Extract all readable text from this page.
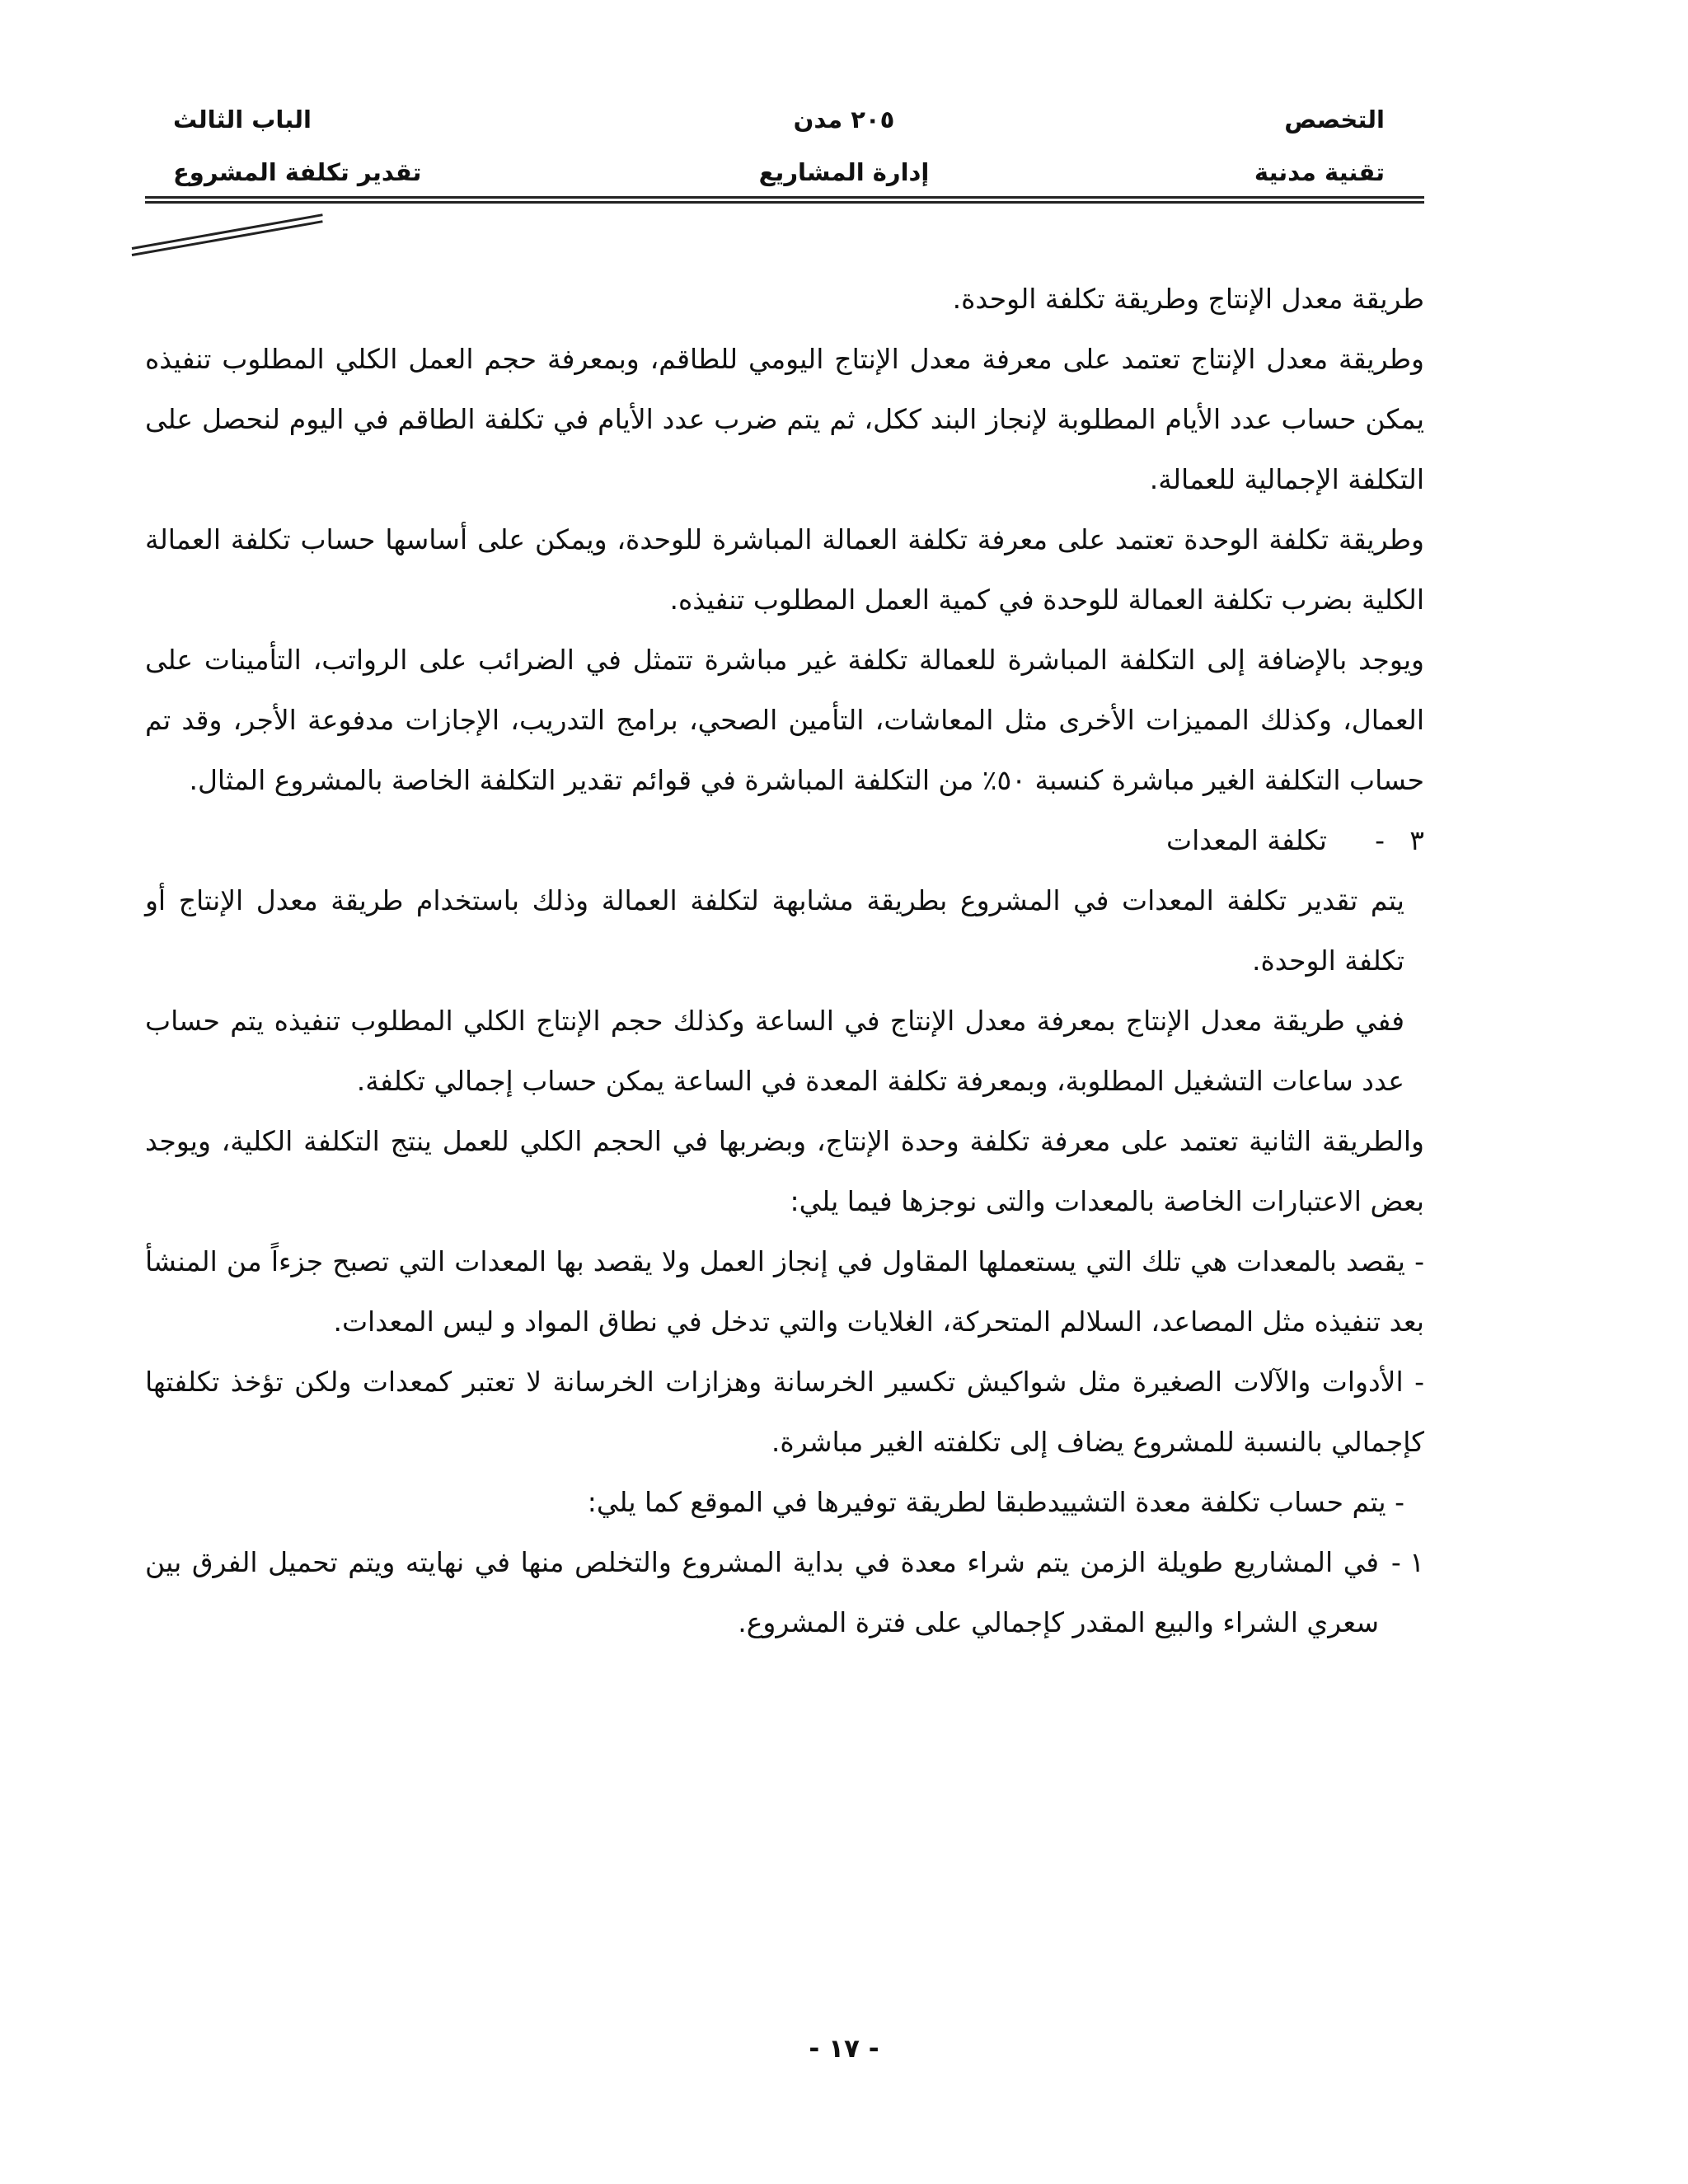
التخصص
تقنية مدنية
٢٠٥ مدن
إدارة المشاريع
الباب الثالث
تقدير تكلفة المشروع

طريقة معدل الإنتاج وطريقة تكلفة الوحدة.

وطريقة معدل الإنتاج تعتمد على معرفة معدل الإنتاج اليومي للطاقم، وبمعرفة حجم العمل الكلي المطلوب تنفيذه يمكن حساب عدد الأيام المطلوبة لإنجاز البند ككل، ثم يتم ضرب عدد الأيام في تكلفة الطاقم في اليوم لنحصل على التكلفة الإجمالية للعمالة.

وطريقة تكلفة الوحدة تعتمد على معرفة تكلفة العمالة المباشرة للوحدة، ويمكن على أساسها حساب تكلفة العمالة الكلية بضرب تكلفة العمالة للوحدة في كمية العمل المطلوب تنفيذه.

ويوجد بالإضافة إلى التكلفة المباشرة للعمالة تكلفة غير مباشرة تتمثل في الضرائب على الرواتب، التأمينات على العمال، وكذلك المميزات الأخرى مثل المعاشات، التأمين الصحي، برامج التدريب، الإجازات مدفوعة الأجر، وقد تم حساب التكلفة الغير مباشرة كنسبة ٥٠٪ من التكلفة المباشرة في قوائم تقدير التكلفة الخاصة بالمشروع المثال.

٣
-
تكلفة المعدات

يتم تقدير تكلفة المعدات في المشروع بطريقة مشابهة لتكلفة العمالة وذلك باستخدام طريقة معدل الإنتاج أو تكلفة الوحدة.

ففي طريقة معدل الإنتاج بمعرفة معدل الإنتاج في الساعة وكذلك حجم الإنتاج الكلي المطلوب تنفيذه يتم حساب عدد ساعات التشغيل المطلوبة، وبمعرفة تكلفة المعدة في الساعة يمكن حساب إجمالي تكلفة.

والطريقة الثانية تعتمد على معرفة تكلفة وحدة الإنتاج، وبضربها في الحجم الكلي للعمل ينتج التكلفة الكلية، ويوجد بعض الاعتبارات الخاصة بالمعدات والتى نوجزها فيما يلي:

- يقصد بالمعدات هي تلك التي يستعملها المقاول في إنجاز العمل ولا يقصد بها المعدات التي تصبح جزءاً من المنشأ بعد تنفيذه مثل المصاعد، السلالم المتحركة، الغلايات والتي تدخل في نطاق المواد و ليس المعدات.

- الأدوات والآلات الصغيرة مثل شواكيش تكسير الخرسانة وهزازات الخرسانة لا تعتبر كمعدات ولكن تؤخذ تكلفتها كإجمالي بالنسبة للمشروع يضاف إلى تكلفته الغير مباشرة.

- يتم حساب تكلفة معدة التشييدطبقا لطريقة توفيرها في الموقع كما يلي:

١ -
في المشاريع طويلة الزمن يتم شراء معدة في بداية المشروع والتخلص منها في نهايته ويتم تحميل الفرق بين سعري الشراء والبيع المقدر كإجمالي على فترة المشروع.
- ١٧ -
